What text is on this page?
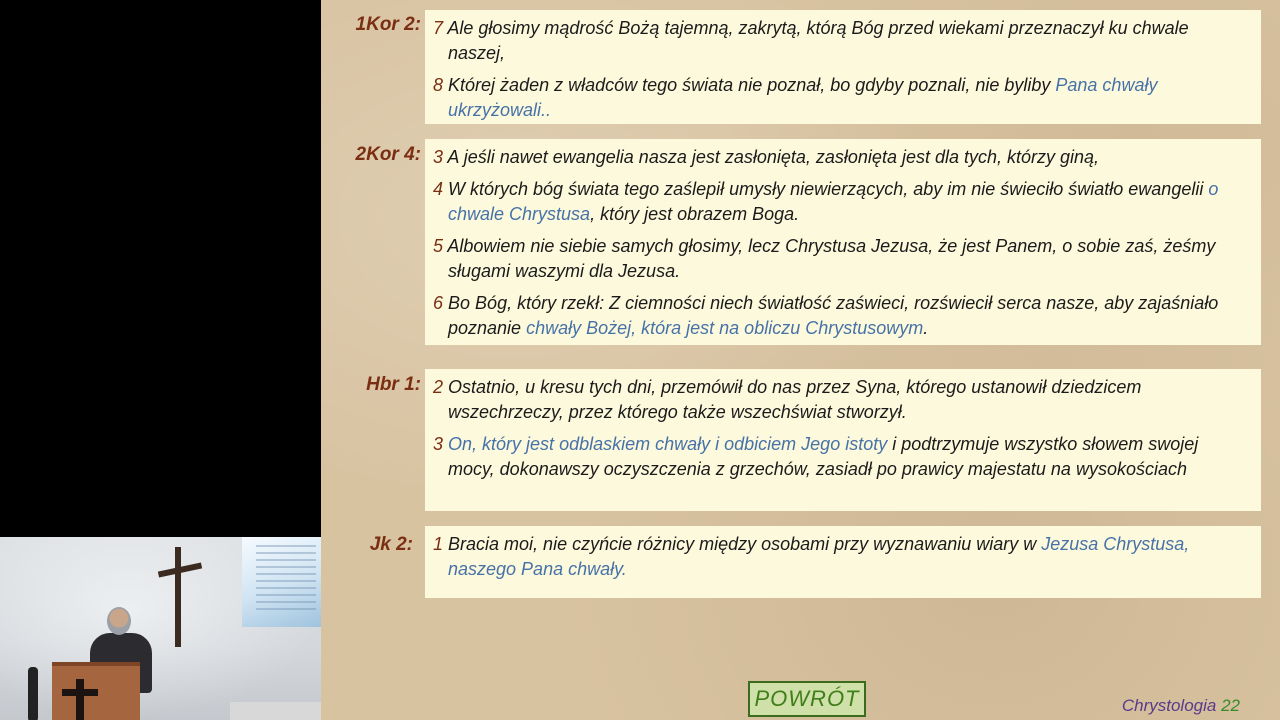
1Kor 2: 7 Ale głosimy mądrość Bożą tajemną, zakrytą, którą Bóg przed wiekami przeznaczył ku chwale naszej,

8 Której żaden z władców tego świata nie poznał, bo gdyby poznali, nie byliby Pana chwały ukrzyżowali..

2Kor 4: 3 A jeśli nawet ewangelia nasza jest zasłonięta, zasłonięta jest dla tych, którzy giną,

4 W których bóg świata tego zaślepił umysły niewierzących, aby im nie świeciło światło ewangelii o chwale Chrystusa, który jest obrazem Boga.

5 Albowiem nie siebie samych głosimy, lecz Chrystusa Jezusa, że jest Panem, o sobie zaś, żeśmy sługami waszymi dla Jezusa.

6 Bo Bóg, który rzekł: Z ciemności niech światłość zaświeci, rozświecił serca nasze, aby zajaśniało poznanie chwały Bożej, która jest na obliczu Chrystusowym.

Hbr 1: 2 Ostatnio, u kresu tych dni, przemówił do nas przez Syna, którego ustanowił dziedzicem wszechrzeczy, przez którego także wszechświat stworzył.

3 On, który jest odblaskiem chwały i odbiciem Jego istoty i podtrzymuje wszystko słowem swojej mocy, dokonawszy oczyszczenia z grzechów, zasiadł po prawicy majestatu na wysokościach

Jk 2: 1 Bracia moi, nie czyńcie różnicy między osobami przy wyznawaniu wiary w Jezusa Chrystusa, naszego Pana chwały.

POWRÓT	Chrystologia 22
